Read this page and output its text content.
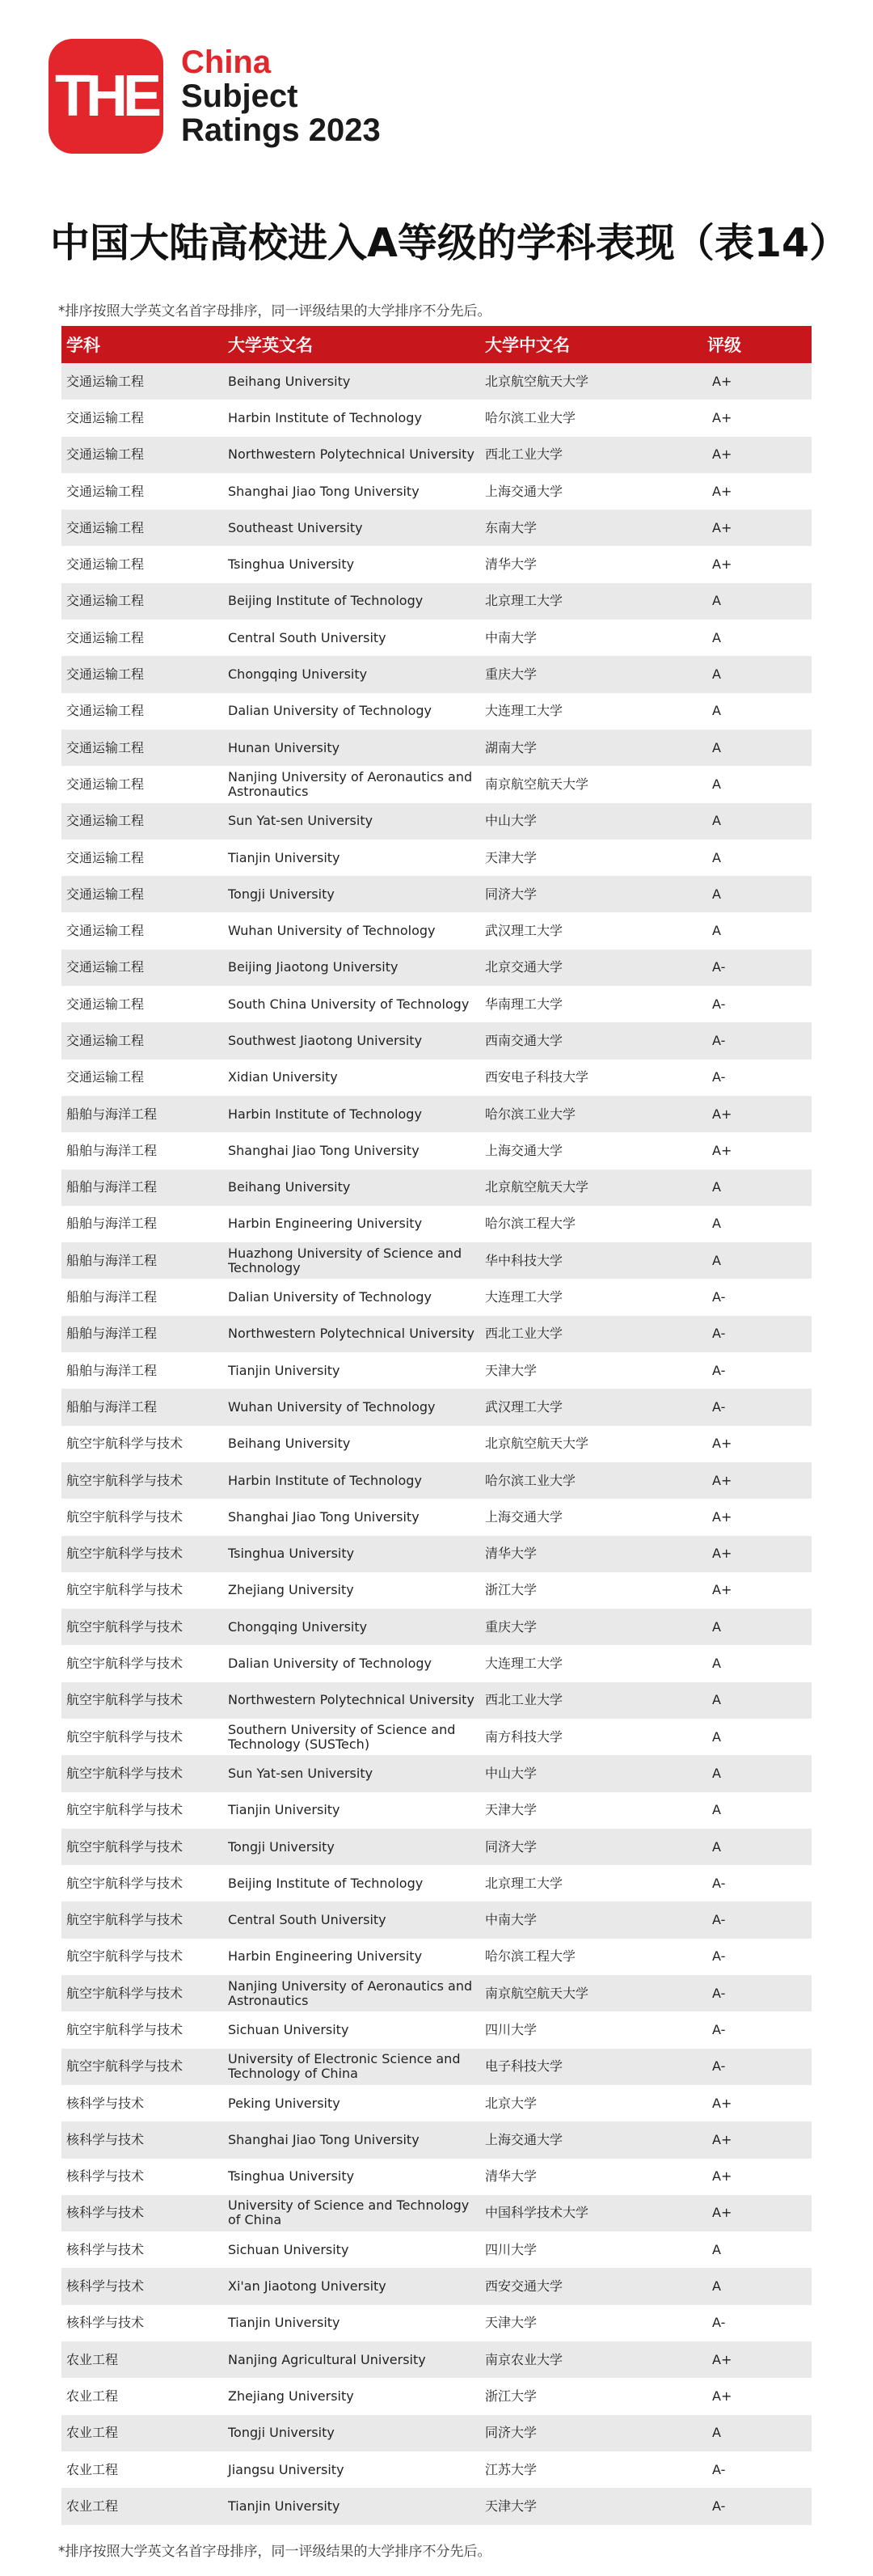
THE
China
Subject
Ratings 2023
中国大陆高校进入A等级的学科表现（表14）
*排序按照大学英文名首字母排序，同一评级结果的大学排序不分先后。
学科	大学英文名	大学中文名	评级
交通运输工程	Beihang University	北京航空航天大学	A+
交通运输工程	Harbin Institute of Technology	哈尔滨工业大学	A+
交通运输工程	Northwestern Polytechnical University	西北工业大学	A+
交通运输工程	Shanghai Jiao Tong University	上海交通大学	A+
交通运输工程	Southeast University	东南大学	A+
交通运输工程	Tsinghua University	清华大学	A+
交通运输工程	Beijing Institute of Technology	北京理工大学	A
交通运输工程	Central South University	中南大学	A
交通运输工程	Chongqing University	重庆大学	A
交通运输工程	Dalian University of Technology	大连理工大学	A
交通运输工程	Hunan University	湖南大学	A
交通运输工程	Nanjing University of Aeronautics and Astronautics	南京航空航天大学	A
交通运输工程	Sun Yat-sen University	中山大学	A
交通运输工程	Tianjin University	天津大学	A
交通运输工程	Tongji University	同济大学	A
交通运输工程	Wuhan University of Technology	武汉理工大学	A
交通运输工程	Beijing Jiaotong University	北京交通大学	A-
交通运输工程	South China University of Technology	华南理工大学	A-
交通运输工程	Southwest Jiaotong University	西南交通大学	A-
交通运输工程	Xidian University	西安电子科技大学	A-
船舶与海洋工程	Harbin Institute of Technology	哈尔滨工业大学	A+
船舶与海洋工程	Shanghai Jiao Tong University	上海交通大学	A+
船舶与海洋工程	Beihang University	北京航空航天大学	A
船舶与海洋工程	Harbin Engineering University	哈尔滨工程大学	A
船舶与海洋工程	Huazhong University of Science and Technology	华中科技大学	A
船舶与海洋工程	Dalian University of Technology	大连理工大学	A-
船舶与海洋工程	Northwestern Polytechnical University	西北工业大学	A-
船舶与海洋工程	Tianjin University	天津大学	A-
船舶与海洋工程	Wuhan University of Technology	武汉理工大学	A-
航空宇航科学与技术	Beihang University	北京航空航天大学	A+
航空宇航科学与技术	Harbin Institute of Technology	哈尔滨工业大学	A+
航空宇航科学与技术	Shanghai Jiao Tong University	上海交通大学	A+
航空宇航科学与技术	Tsinghua University	清华大学	A+
航空宇航科学与技术	Zhejiang University	浙江大学	A+
航空宇航科学与技术	Chongqing University	重庆大学	A
航空宇航科学与技术	Dalian University of Technology	大连理工大学	A
航空宇航科学与技术	Northwestern Polytechnical University	西北工业大学	A
航空宇航科学与技术	Southern University of Science and Technology (SUSTech)	南方科技大学	A
航空宇航科学与技术	Sun Yat-sen University	中山大学	A
航空宇航科学与技术	Tianjin University	天津大学	A
航空宇航科学与技术	Tongji University	同济大学	A
航空宇航科学与技术	Beijing Institute of Technology	北京理工大学	A-
航空宇航科学与技术	Central South University	中南大学	A-
航空宇航科学与技术	Harbin Engineering University	哈尔滨工程大学	A-
航空宇航科学与技术	Nanjing University of Aeronautics and Astronautics	南京航空航天大学	A-
航空宇航科学与技术	Sichuan University	四川大学	A-
航空宇航科学与技术	University of Electronic Science and Technology of China	电子科技大学	A-
核科学与技术	Peking University	北京大学	A+
核科学与技术	Shanghai Jiao Tong University	上海交通大学	A+
核科学与技术	Tsinghua University	清华大学	A+
核科学与技术	University of Science and Technology of China	中国科学技术大学	A+
核科学与技术	Sichuan University	四川大学	A
核科学与技术	Xi'an Jiaotong University	西安交通大学	A
核科学与技术	Tianjin University	天津大学	A-
农业工程	Nanjing Agricultural University	南京农业大学	A+
农业工程	Zhejiang University	浙江大学	A+
农业工程	Tongji University	同济大学	A
农业工程	Jiangsu University	江苏大学	A-
农业工程	Tianjin University	天津大学	A-
*排序按照大学英文名首字母排序，同一评级结果的大学排序不分先后。
